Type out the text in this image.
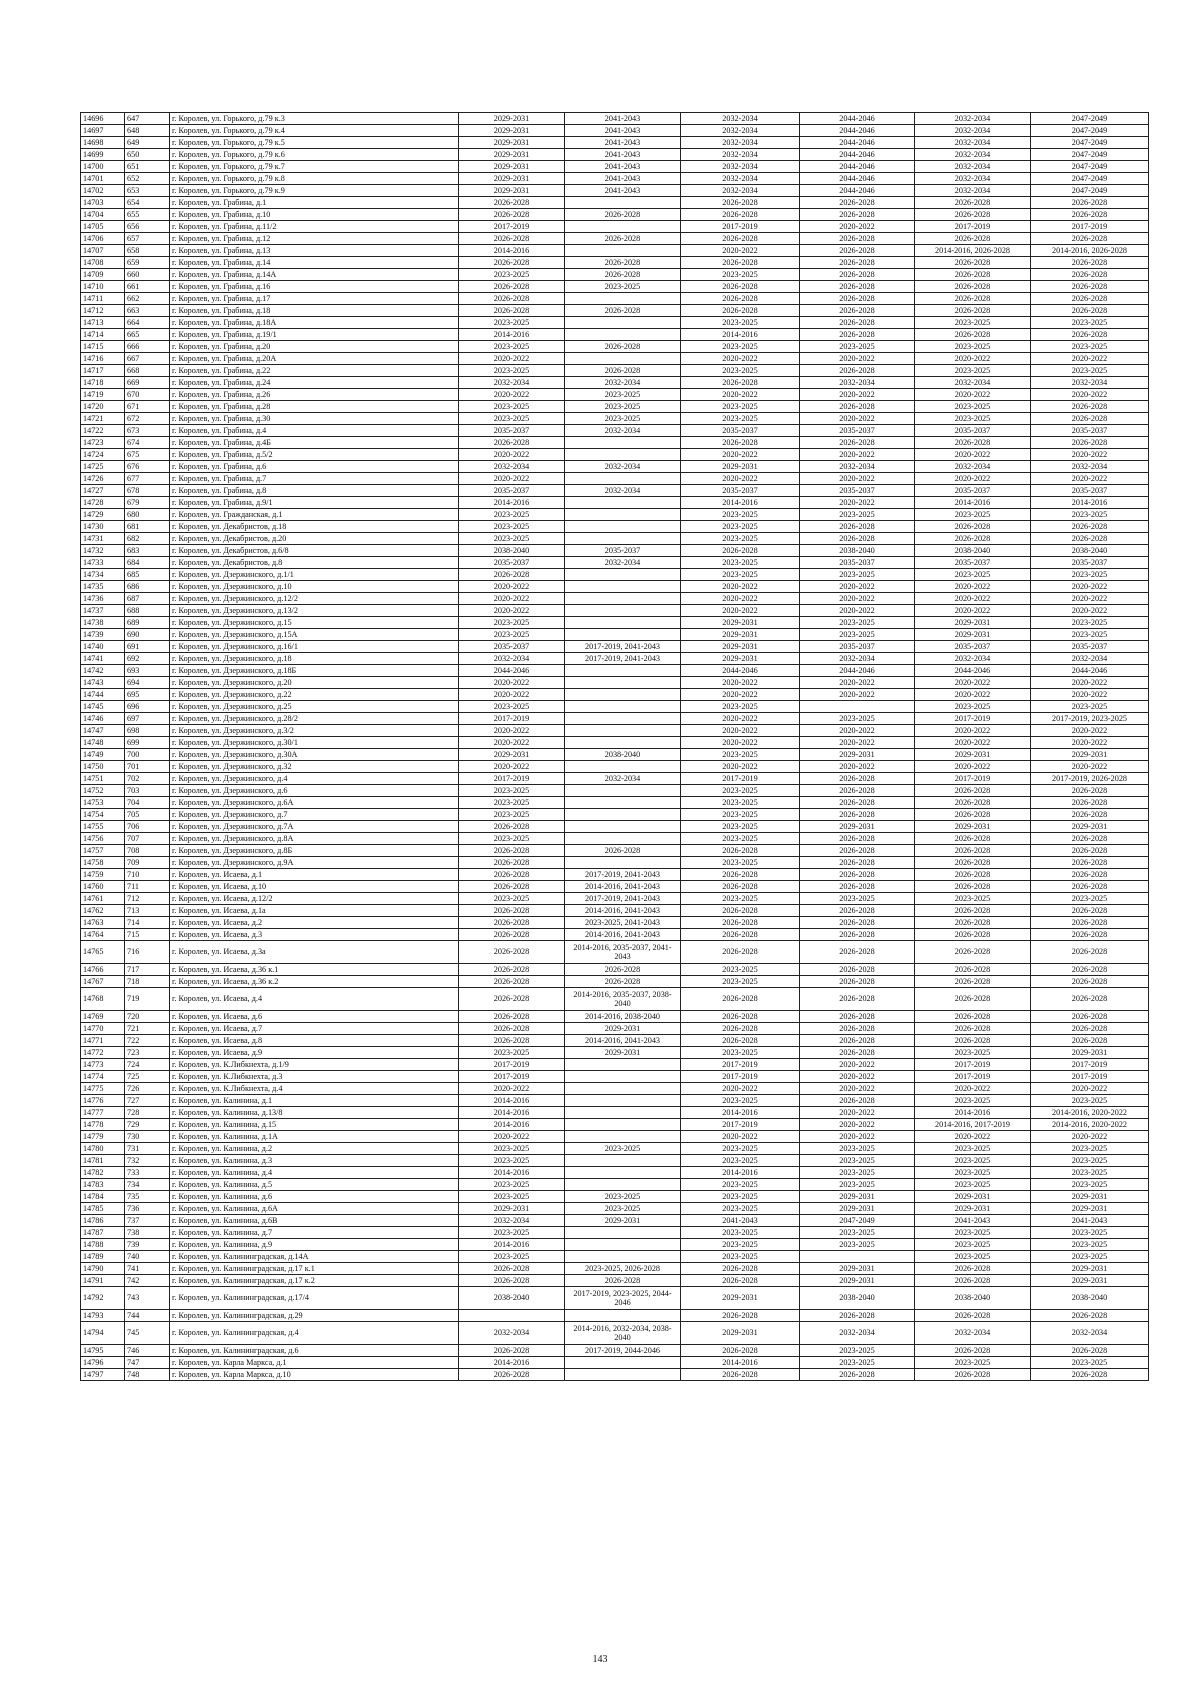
14696	647	г. Королев, ул. Горького, д.79 к.3	2029-2031	2041-2043	2032-2034	2044-2046	2032-2034	2047-2049
14697	648	г. Королев, ул. Горького, д.79 к.4	2029-2031	2041-2043	2032-2034	2044-2046	2032-2034	2047-2049
14698	649	г. Королев, ул. Горького, д.79 к.5	2029-2031	2041-2043	2032-2034	2044-2046	2032-2034	2047-2049
14699	650	г. Королев, ул. Горького, д.79 к.6	2029-2031	2041-2043	2032-2034	2044-2046	2032-2034	2047-2049
14700	651	г. Королев, ул. Горького, д.79 к.7	2029-2031	2041-2043	2032-2034	2044-2046	2032-2034	2047-2049
14701	652	г. Королев, ул. Горького, д.79 к.8	2029-2031	2041-2043	2032-2034	2044-2046	2032-2034	2047-2049
14702	653	г. Королев, ул. Горького, д.79 к.9	2029-2031	2041-2043	2032-2034	2044-2046	2032-2034	2047-2049
14703	654	г. Королев, ул. Грабина, д.1	2026-2028		2026-2028	2026-2028	2026-2028	2026-2028
14704	655	г. Королев, ул. Грабина, д.10	2026-2028	2026-2028	2026-2028	2026-2028	2026-2028	2026-2028
14705	656	г. Королев, ул. Грабина, д.11/2	2017-2019		2017-2019	2020-2022	2017-2019	2017-2019
14706	657	г. Королев, ул. Грабина, д.12	2026-2028	2026-2028	2026-2028	2026-2028	2026-2028	2026-2028
14707	658	г. Королев, ул. Грабина, д.13	2014-2016		2020-2022	2026-2028	2014-2016, 2026-2028	2014-2016, 2026-2028
14708	659	г. Королев, ул. Грабина, д.14	2026-2028	2026-2028	2026-2028	2026-2028	2026-2028	2026-2028
14709	660	г. Королев, ул. Грабина, д.14А	2023-2025	2026-2028	2023-2025	2026-2028	2026-2028	2026-2028
14710	661	г. Королев, ул. Грабина, д.16	2026-2028	2023-2025	2026-2028	2026-2028	2026-2028	2026-2028
14711	662	г. Королев, ул. Грабина, д.17	2026-2028		2026-2028	2026-2028	2026-2028	2026-2028
14712	663	г. Королев, ул. Грабина, д.18	2026-2028	2026-2028	2026-2028	2026-2028	2026-2028	2026-2028
14713	664	г. Королев, ул. Грабина, д.18А	2023-2025		2023-2025	2026-2028	2023-2025	2023-2025
14714	665	г. Королев, ул. Грабина, д.19/1	2014-2016		2014-2016	2026-2028	2026-2028	2026-2028
14715	666	г. Королев, ул. Грабина, д.20	2023-2025	2026-2028	2023-2025	2023-2025	2023-2025	2023-2025
14716	667	г. Королев, ул. Грабина, д.20А	2020-2022		2020-2022	2020-2022	2020-2022	2020-2022
14717	668	г. Королев, ул. Грабина, д.22	2023-2025	2026-2028	2023-2025	2026-2028	2023-2025	2023-2025
14718	669	г. Королев, ул. Грабина, д.24	2032-2034	2032-2034	2026-2028	2032-2034	2032-2034	2032-2034
14719	670	г. Королев, ул. Грабина, д.26	2020-2022	2023-2025	2020-2022	2020-2022	2020-2022	2020-2022
14720	671	г. Королев, ул. Грабина, д.28	2023-2025	2023-2025	2023-2025	2026-2028	2023-2025	2026-2028
14721	672	г. Королев, ул. Грабина, д.30	2023-2025	2023-2025	2023-2025	2020-2022	2023-2025	2026-2028
14722	673	г. Королев, ул. Грабина, д.4	2035-2037	2032-2034	2035-2037	2035-2037	2035-2037	2035-2037
14723	674	г. Королев, ул. Грабина, д.4Б	2026-2028		2026-2028	2026-2028	2026-2028	2026-2028
14724	675	г. Королев, ул. Грабина, д.5/2	2020-2022		2020-2022	2020-2022	2020-2022	2020-2022
14725	676	г. Королев, ул. Грабина, д.6	2032-2034	2032-2034	2029-2031	2032-2034	2032-2034	2032-2034
14726	677	г. Королев, ул. Грабина, д.7	2020-2022		2020-2022	2020-2022	2020-2022	2020-2022
14727	678	г. Королев, ул. Грабина, д.8	2035-2037	2032-2034	2035-2037	2035-2037	2035-2037	2035-2037
14728	679	г. Королев, ул. Грабина, д.9/1	2014-2016		2014-2016	2020-2022	2014-2016	2014-2016
14729	680	г. Королев, ул. Гражданская, д.1	2023-2025		2023-2025	2023-2025	2023-2025	2023-2025
14730	681	г. Королев, ул. Декабристов, д.18	2023-2025		2023-2025	2026-2028	2026-2028	2026-2028
14731	682	г. Королев, ул. Декабристов, д.20	2023-2025		2023-2025	2026-2028	2026-2028	2026-2028
14732	683	г. Королев, ул. Декабристов, д.6/8	2038-2040	2035-2037	2026-2028	2038-2040	2038-2040	2038-2040
14733	684	г. Королев, ул. Декабристов, д.8	2035-2037	2032-2034	2023-2025	2035-2037	2035-2037	2035-2037
14734	685	г. Королев, ул. Дзержинского, д.1/1	2026-2028		2023-2025	2023-2025	2023-2025	2023-2025
14735	686	г. Королев, ул. Дзержинского, д.10	2020-2022		2020-2022	2020-2022	2020-2022	2020-2022
14736	687	г. Королев, ул. Дзержинского, д.12/2	2020-2022		2020-2022	2020-2022	2020-2022	2020-2022
14737	688	г. Королев, ул. Дзержинского, д.13/2	2020-2022		2020-2022	2020-2022	2020-2022	2020-2022
14738	689	г. Королев, ул. Дзержинского, д.15	2023-2025		2029-2031	2023-2025	2029-2031	2023-2025
14739	690	г. Королев, ул. Дзержинского, д.15А	2023-2025		2029-2031	2023-2025	2029-2031	2023-2025
14740	691	г. Королев, ул. Дзержинского, д.16/1	2035-2037	2017-2019, 2041-2043	2029-2031	2035-2037	2035-2037	2035-2037
14741	692	г. Королев, ул. Дзержинского, д.18	2032-2034	2017-2019, 2041-2043	2029-2031	2032-2034	2032-2034	2032-2034
14742	693	г. Королев, ул. Дзержинского, д.18Б	2044-2046		2044-2046	2044-2046	2044-2046	2044-2046
14743	694	г. Королев, ул. Дзержинского, д.20	2020-2022		2020-2022	2020-2022	2020-2022	2020-2022
14744	695	г. Королев, ул. Дзержинского, д.22	2020-2022		2020-2022	2020-2022	2020-2022	2020-2022
14745	696	г. Королев, ул. Дзержинского, д.25	2023-2025		2023-2025		2023-2025	2023-2025
14746	697	г. Королев, ул. Дзержинского, д.28/2	2017-2019		2020-2022	2023-2025	2017-2019	2017-2019, 2023-2025
14747	698	г. Королев, ул. Дзержинского, д.3/2	2020-2022		2020-2022	2020-2022	2020-2022	2020-2022
14748	699	г. Королев, ул. Дзержинского, д.30/1	2020-2022		2020-2022	2020-2022	2020-2022	2020-2022
14749	700	г. Королев, ул. Дзержинского, д.30А	2029-2031	2038-2040	2023-2025	2029-2031	2029-2031	2029-2031
14750	701	г. Королев, ул. Дзержинского, д.32	2020-2022		2020-2022	2020-2022	2020-2022	2020-2022
14751	702	г. Королев, ул. Дзержинского, д.4	2017-2019	2032-2034	2017-2019	2026-2028	2017-2019	2017-2019, 2026-2028
14752	703	г. Королев, ул. Дзержинского, д.6	2023-2025		2023-2025	2026-2028	2026-2028	2026-2028
14753	704	г. Королев, ул. Дзержинского, д.6А	2023-2025		2023-2025	2026-2028	2026-2028	2026-2028
14754	705	г. Королев, ул. Дзержинского, д.7	2023-2025		2023-2025	2026-2028	2026-2028	2026-2028
14755	706	г. Королев, ул. Дзержинского, д.7А	2026-2028		2023-2025	2029-2031	2029-2031	2029-2031
14756	707	г. Королев, ул. Дзержинского, д.8А	2023-2025		2023-2025	2026-2028	2026-2028	2026-2028
14757	708	г. Королев, ул. Дзержинского, д.8Б	2026-2028	2026-2028	2026-2028	2026-2028	2026-2028	2026-2028
14758	709	г. Королев, ул. Дзержинского, д.9А	2026-2028		2023-2025	2026-2028	2026-2028	2026-2028
14759	710	г. Королев, ул. Исаева, д.1	2026-2028	2017-2019, 2041-2043	2026-2028	2026-2028	2026-2028	2026-2028
14760	711	г. Королев, ул. Исаева, д.10	2026-2028	2014-2016, 2041-2043	2026-2028	2026-2028	2026-2028	2026-2028
14761	712	г. Королев, ул. Исаева, д.12/2	2023-2025	2017-2019, 2041-2043	2023-2025	2023-2025	2023-2025	2023-2025
14762	713	г. Королев, ул. Исаева, д.1а	2026-2028	2014-2016, 2041-2043	2026-2028	2026-2028	2026-2028	2026-2028
14763	714	г. Королев, ул. Исаева, д.2	2026-2028	2023-2025, 2041-2043	2026-2028	2026-2028	2026-2028	2026-2028
14764	715	г. Королев, ул. Исаева, д.3	2026-2028	2014-2016, 2041-2043	2026-2028	2026-2028	2026-2028	2026-2028
14765	716	г. Королев, ул. Исаева, д.3а	2026-2028	2014-2016, 2035-2037, 2041-2043	2026-2028	2026-2028	2026-2028	2026-2028
14766	717	г. Королев, ул. Исаева, д.36 к.1	2026-2028	2026-2028	2023-2025	2026-2028	2026-2028	2026-2028
14767	718	г. Королев, ул. Исаева, д.36 к.2	2026-2028	2026-2028	2023-2025	2026-2028	2026-2028	2026-2028
14768	719	г. Королев, ул. Исаева, д.4	2026-2028	2014-2016, 2035-2037, 2038-2040	2026-2028	2026-2028	2026-2028	2026-2028
14769	720	г. Королев, ул. Исаева, д.6	2026-2028	2014-2016, 2038-2040	2026-2028	2026-2028	2026-2028	2026-2028
14770	721	г. Королев, ул. Исаева, д.7	2026-2028	2029-2031	2026-2028	2026-2028	2026-2028	2026-2028
14771	722	г. Королев, ул. Исаева, д.8	2026-2028	2014-2016, 2041-2043	2026-2028	2026-2028	2026-2028	2026-2028
14772	723	г. Королев, ул. Исаева, д.9	2023-2025	2029-2031	2023-2025	2026-2028	2023-2025	2029-2031
14773	724	г. Королев, ул. К.Либкнехта, д.1/9	2017-2019		2017-2019	2020-2022	2017-2019	2017-2019
14774	725	г. Королев, ул. К.Либкнехта, д.3	2017-2019		2017-2019	2020-2022	2017-2019	2017-2019
14775	726	г. Королев, ул. К.Либкнехта, д.4	2020-2022		2020-2022	2020-2022	2020-2022	2020-2022
14776	727	г. Королев, ул. Калинина, д.1	2014-2016		2023-2025	2026-2028	2023-2025	2023-2025
14777	728	г. Королев, ул. Калинина, д.13/8	2014-2016		2014-2016	2020-2022	2014-2016	2014-2016, 2020-2022
14778	729	г. Королев, ул. Калинина, д.15	2014-2016		2017-2019	2020-2022	2014-2016, 2017-2019	2014-2016, 2020-2022
14779	730	г. Королев, ул. Калинина, д.1А	2020-2022		2020-2022	2020-2022	2020-2022	2020-2022
14780	731	г. Королев, ул. Калинина, д.2	2023-2025	2023-2025	2023-2025	2023-2025	2023-2025	2023-2025
14781	732	г. Королев, ул. Калинина, д.3	2023-2025		2023-2025	2023-2025	2023-2025	2023-2025
14782	733	г. Королев, ул. Калинина, д.4	2014-2016		2014-2016	2023-2025	2023-2025	2023-2025
14783	734	г. Королев, ул. Калинина, д.5	2023-2025		2023-2025	2023-2025	2023-2025	2023-2025
14784	735	г. Королев, ул. Калинина, д.6	2023-2025	2023-2025	2023-2025	2029-2031	2029-2031	2029-2031
14785	736	г. Королев, ул. Калинина, д.6А	2029-2031	2023-2025	2023-2025	2029-2031	2029-2031	2029-2031
14786	737	г. Королев, ул. Калинина, д.6В	2032-2034	2029-2031	2041-2043	2047-2049	2041-2043	2041-2043
14787	738	г. Королев, ул. Калинина, д.7	2023-2025		2023-2025	2023-2025	2023-2025	2023-2025
14788	739	г. Королев, ул. Калинина, д.9	2014-2016		2023-2025	2023-2025	2023-2025	2023-2025
14789	740	г. Королев, ул. Калининградская, д.14А	2023-2025		2023-2025		2023-2025	2023-2025
14790	741	г. Королев, ул. Калининградская, д.17 к.1	2026-2028	2023-2025, 2026-2028	2026-2028	2029-2031	2026-2028	2029-2031
14791	742	г. Королев, ул. Калининградская, д.17 к.2	2026-2028	2026-2028	2026-2028	2029-2031	2026-2028	2029-2031
14792	743	г. Королев, ул. Калининградская, д.17/4	2038-2040	2017-2019, 2023-2025, 2044-2046	2029-2031	2038-2040	2038-2040	2038-2040
14793	744	г. Королев, ул. Калининградская, д.29			2026-2028	2026-2028	2026-2028	2026-2028
14794	745	г. Королев, ул. Калининградская, д.4	2032-2034	2014-2016, 2032-2034, 2038-2040	2029-2031	2032-2034	2032-2034	2032-2034
14795	746	г. Королев, ул. Калининградская, д.6	2026-2028	2017-2019, 2044-2046	2026-2028	2023-2025	2026-2028	2026-2028
14796	747	г. Королев, ул. Карла Маркса, д.1	2014-2016		2014-2016	2023-2025	2023-2025	2023-2025
14797	748	г. Королев, ул. Карла Маркса, д.10	2026-2028		2026-2028	2026-2028	2026-2028	2026-2028
143
